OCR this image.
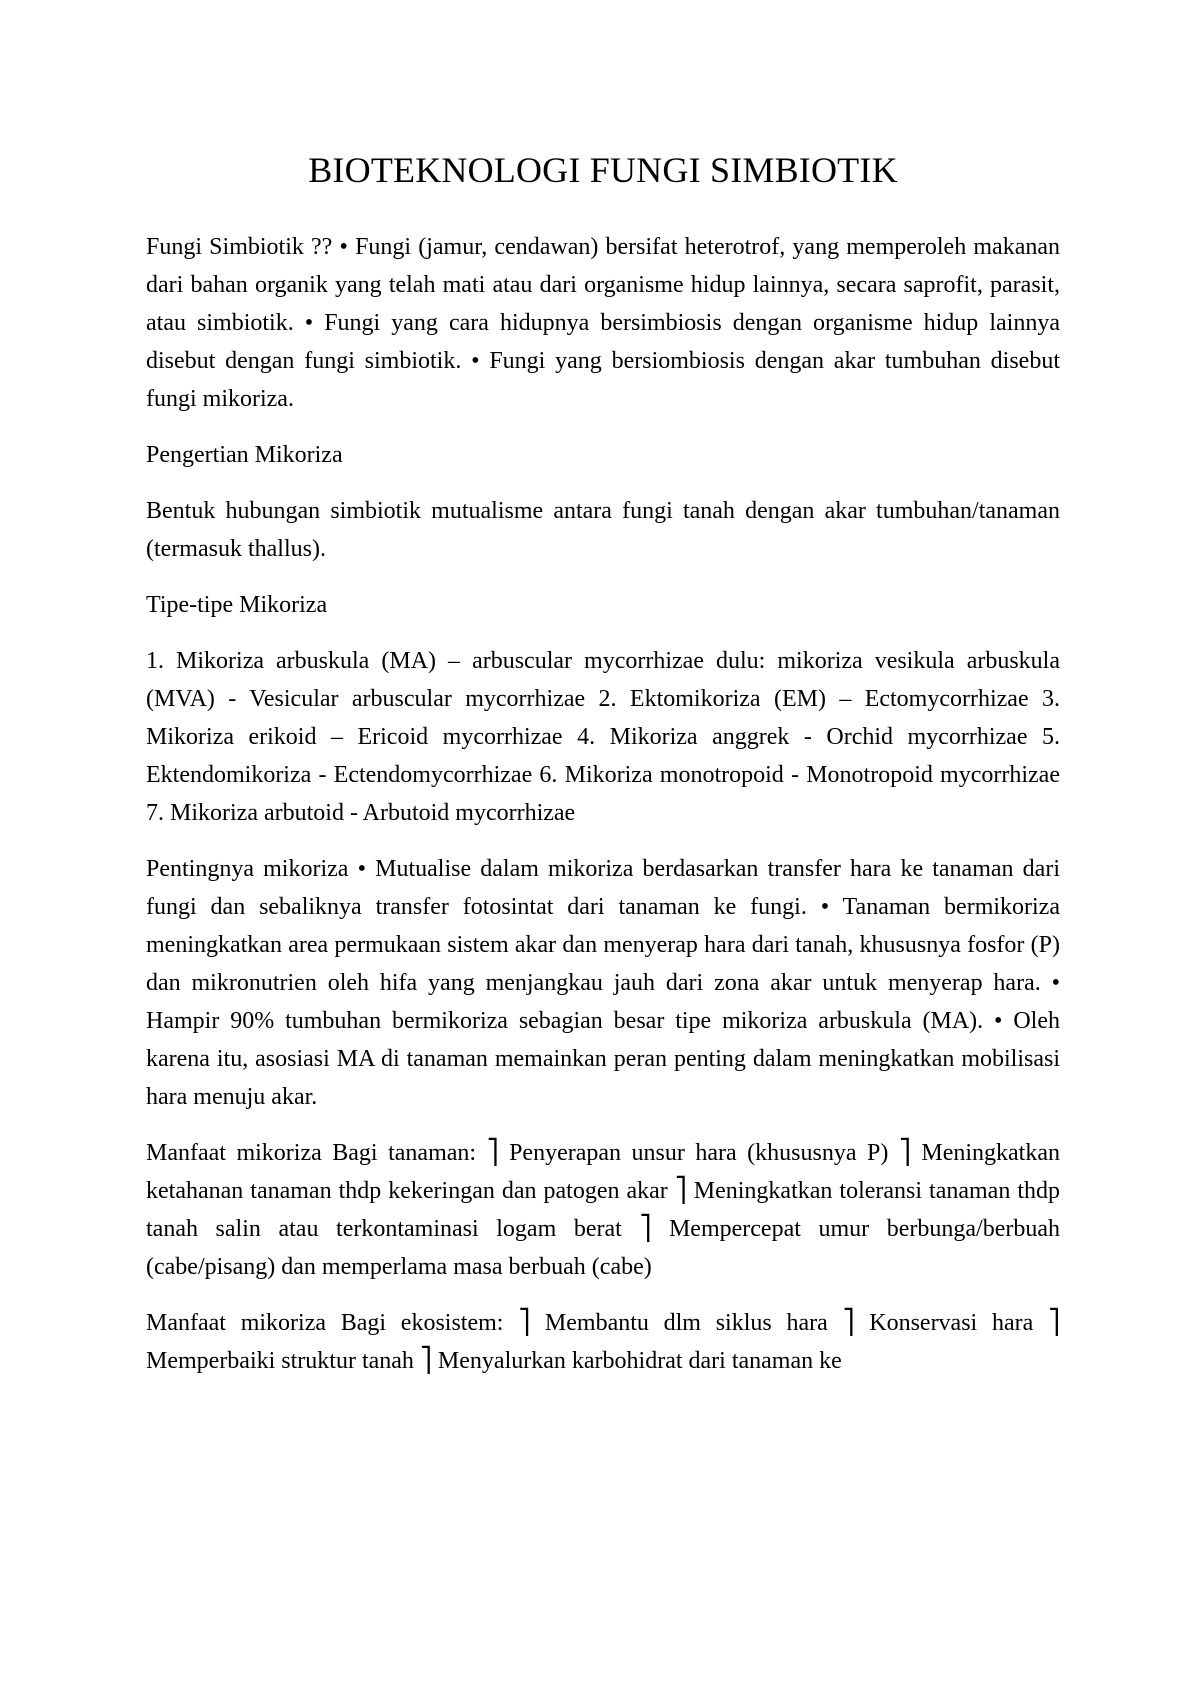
BIOTEKNOLOGI FUNGI SIMBIOTIK

Fungi Simbiotik ?? • Fungi (jamur, cendawan) bersifat heterotrof, yang memperoleh makanan dari bahan organik yang telah mati atau dari organisme hidup lainnya, secara saprofit, parasit, atau simbiotik. • Fungi yang cara hidupnya bersimbiosis dengan organisme hidup lainnya disebut dengan fungi simbiotik. • Fungi yang bersiombiosis dengan akar tumbuhan disebut fungi mikoriza.

Pengertian Mikoriza

Bentuk hubungan simbiotik mutualisme antara fungi tanah dengan akar tumbuhan/tanaman (termasuk thallus).

Tipe-tipe Mikoriza

1. Mikoriza arbuskula (MA) – arbuscular mycorrhizae dulu: mikoriza vesikula arbuskula (MVA) - Vesicular arbuscular mycorrhizae 2. Ektomikoriza (EM) – Ectomycorrhizae 3. Mikoriza erikoid – Ericoid mycorrhizae 4. Mikoriza anggrek - Orchid mycorrhizae 5. Ektendomikoriza - Ectendomycorrhizae 6. Mikoriza monotropoid - Monotropoid mycorrhizae 7. Mikoriza arbutoid - Arbutoid mycorrhizae

Pentingnya mikoriza • Mutualise dalam mikoriza berdasarkan transfer hara ke tanaman dari fungi dan sebaliknya transfer fotosintat dari tanaman ke fungi. • Tanaman bermikoriza meningkatkan area permukaan sistem akar dan menyerap hara dari tanah, khususnya fosfor (P) dan mikronutrien oleh hifa yang menjangkau jauh dari zona akar untuk menyerap hara. • Hampir 90% tumbuhan bermikoriza sebagian besar tipe mikoriza arbuskula (MA). • Oleh karena itu, asosiasi MA di tanaman memainkan peran penting dalam meningkatkan mobilisasi hara menuju akar.

Manfaat mikoriza Bagi tanaman: ⎤ Penyerapan unsur hara (khususnya P) ⎤ Meningkatkan ketahanan tanaman thdp kekeringan dan patogen akar ⎤ Meningkatkan toleransi tanaman thdp tanah salin atau terkontaminasi logam berat ⎤ Mempercepat umur berbunga/berbuah (cabe/pisang) dan memperlama masa berbuah (cabe)

Manfaat mikoriza Bagi ekosistem: ⎤ Membantu dlm siklus hara ⎤ Konservasi hara ⎤ Memperbaiki struktur tanah ⎤ Menyalurkan karbohidrat dari tanaman ke
